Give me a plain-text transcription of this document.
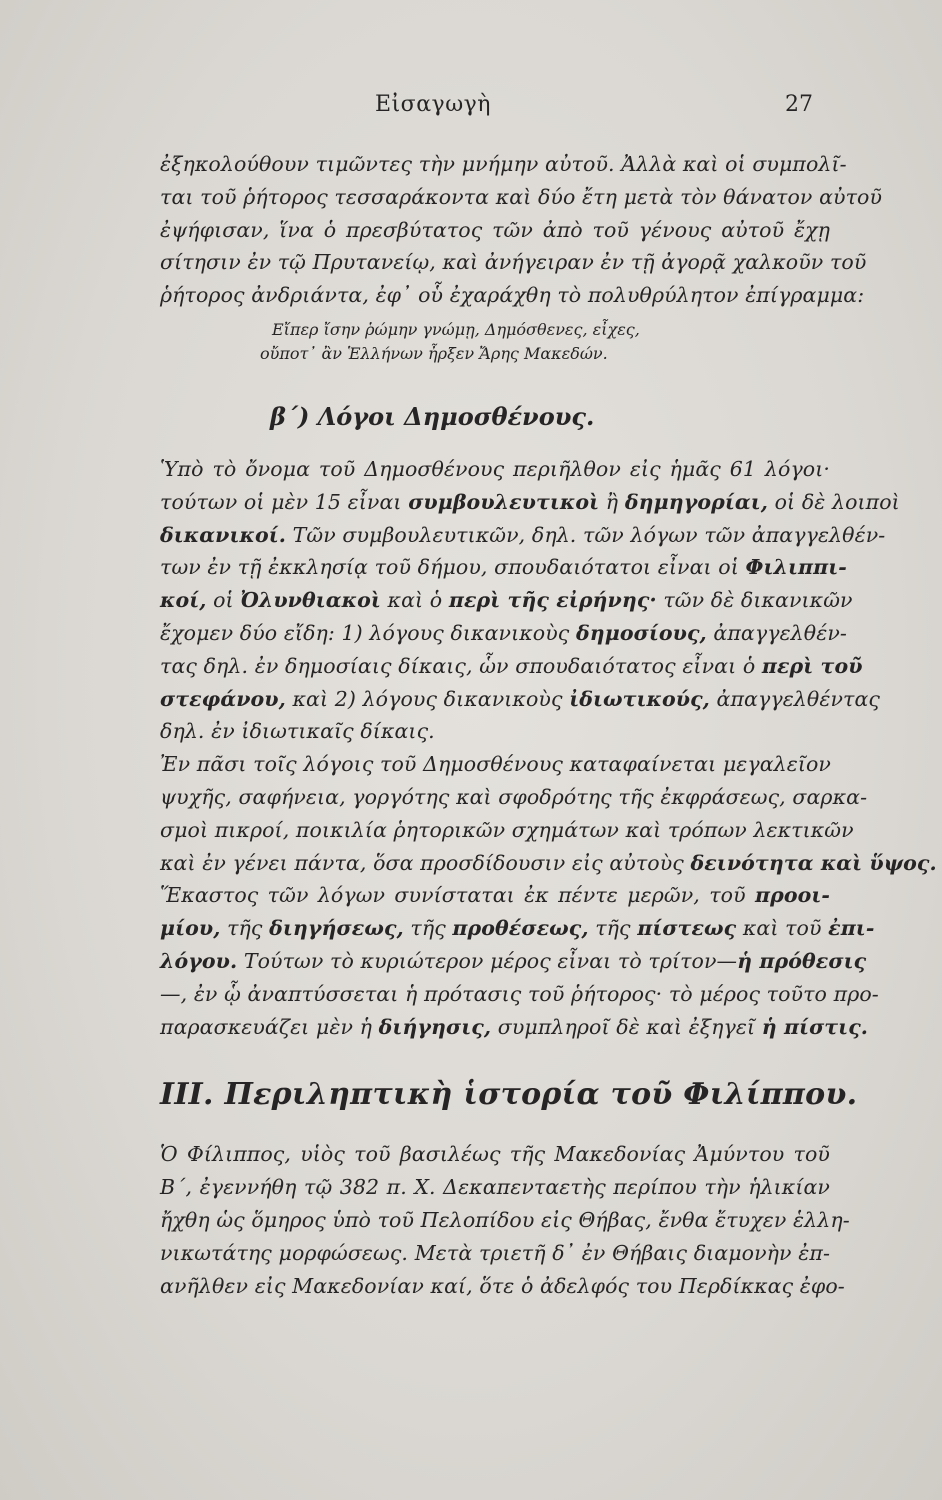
Εἰσαγωγὴ	27
ἐξηκολούθουν τιμῶντες τὴν μνήμην αὐτοῦ. Ἀλλὰ καὶ οἱ συμπολῖ-
ται τοῦ ῥήτορος τεσσαράκοντα καὶ δύο ἔτη μετὰ τὸν θάνατον αὐτοῦ
ἐψήφισαν, ἵνα ὁ πρεσβύτατος τῶν ἀπὸ τοῦ γένους αὐτοῦ ἔχῃ
σίτησιν ἐν τῷ Πρυτανείῳ, καὶ ἀνήγειραν ἐν τῇ ἀγορᾷ χαλκοῦν τοῦ
ῥήτορος ἀνδριάντα, ἐφ᾽ οὗ ἐχαράχθη τὸ πολυθρύλητον ἐπίγραμμα:
Εἴπερ ἴσην ῥώμην γνώμῃ, Δημόσθενες, εἶχες,
οὔποτ᾽ ἂν Ἑλλήνων ἦρξεν Ἄρης Μακεδών.
β΄) Λόγοι Δημοσθένους.
Ὑπὸ τὸ ὄνομα τοῦ Δημοσθένους περιῆλθον εἰς ἡμᾶς 61 λόγοι·
τούτων οἱ μὲν 15 εἶναι συμβουλευτικοὶ ἢ δημηγορίαι, οἱ δὲ λοιποὶ
δικανικοί. Τῶν συμβουλευτικῶν, δηλ. τῶν λόγων τῶν ἀπαγγελθέν-
των ἐν τῇ ἐκκλησίᾳ τοῦ δήμου, σπουδαιότατοι εἶναι οἱ Φιλιππι-
κοί, οἱ Ὀλυνθιακοὶ καὶ ὁ περὶ τῆς εἰρήνης· τῶν δὲ δικανικῶν
ἔχομεν δύο εἴδη: 1) λόγους δικανικοὺς δημοσίους, ἀπαγγελθέν-
τας δηλ. ἐν δημοσίαις δίκαις, ὧν σπουδαιότατος εἶναι ὁ περὶ τοῦ
στεφάνου, καὶ 2) λόγους δικανικοὺς ἰδιωτικούς, ἀπαγγελθέντας
δηλ. ἐν ἰδιωτικαῖς δίκαις.
Ἐν πᾶσι τοῖς λόγοις τοῦ Δημοσθένους καταφαίνεται μεγαλεῖον
ψυχῆς, σαφήνεια, γοργότης καὶ σφοδρότης τῆς ἐκφράσεως, σαρκα-
σμοὶ πικροί, ποικιλία ῥητορικῶν σχημάτων καὶ τρόπων λεκτικῶν
καὶ ἐν γένει πάντα, ὅσα προσδίδουσιν εἰς αὐτοὺς δεινότητα καὶ ὕψος.
Ἕκαστος τῶν λόγων συνίσταται ἐκ πέντε μερῶν, τοῦ προοι-
μίου, τῆς διηγήσεως, τῆς προθέσεως, τῆς πίστεως καὶ τοῦ ἐπι-
λόγου. Τούτων τὸ κυριώτερον μέρος εἶναι τὸ τρίτον—ἡ πρόθεσις
—, ἐν ᾧ ἀναπτύσσεται ἡ πρότασις τοῦ ῥήτορος· τὸ μέρος τοῦτο προ-
παρασκευάζει μὲν ἡ διήγησις, συμπληροῖ δὲ καὶ ἐξηγεῖ ἡ πίστις.
ΙΙΙ. Περιληπτικὴ ἱστορία τοῦ Φιλίππου.
Ὁ Φίλιππος, υἱὸς τοῦ βασιλέως τῆς Μακεδονίας Ἀμύντου τοῦ
Β΄, ἐγεννήθη τῷ 382 π. Χ. Δεκαπενταετὴς περίπου τὴν ἡλικίαν
ἤχθη ὡς ὅμηρος ὑπὸ τοῦ Πελοπίδου εἰς Θήβας, ἔνθα ἔτυχεν ἑλλη-
νικωτάτης μορφώσεως. Μετὰ τριετῆ δ᾽ ἐν Θήβαις διαμονὴν ἐπ-
ανῆλθεν εἰς Μακεδονίαν καί, ὅτε ὁ ἀδελφός του Περδίκκας ἐφο-
